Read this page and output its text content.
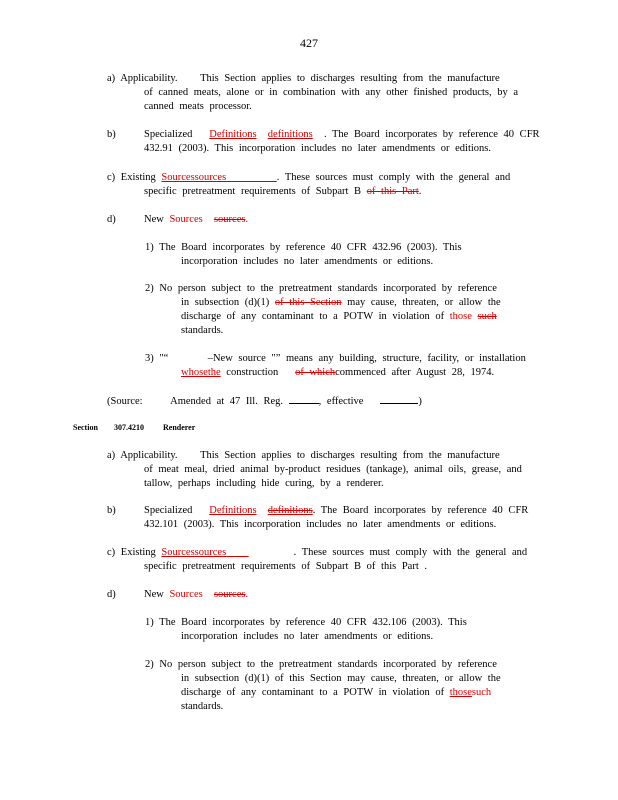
427
a) Applicability. This Section applies to discharges resulting from the manufacture
of canned meats, alone or in combination with any other finished products, by a
canned meats processor.
b)	Specialized Definitions definitions . The Board incorporates by reference 40 CFR
432.91 (2003). This incorporation includes no later amendments or editions.
c) Existing Sourcessources	. These sources must comply with the general and
specific pretreatment requirements of Subpart B of this Part.
d)	New Sources sources.
1) The Board incorporates by reference 40 CFR 432.96 (2003). This
incorporation includes no later amendments or editions.
2) No person subject to the pretreatment standards incorporated by reference
in subsection (d)(1) of this Section may cause, threaten, or allow the
discharge of any contaminant to a POTW in violation of those such
standards.
3) "“	–New source "” means any building, structure, facility, or installation
whosethe construction of whichcommenced after August 28, 1974.
(Source:	Amended at 47 Ill. Reg.	, effective	)
Section 307.4210 Renderer
a) Applicability. This Section applies to discharges resulting from the manufacture
of meat meal, dried animal by-product residues (tankage), animal oils, grease, and
tallow, perhaps including hide curing, by a renderer.
b)	Specialized Definitions definitions. The Board incorporates by reference 40 CFR
432.101 (2003). This incorporation includes no later amendments or editions.
c) Existing Sourcessources	. These sources must comply with the general and
specific pretreatment requirements of Subpart B of this Part .
d)	New Sources sources.
1) The Board incorporates by reference 40 CFR 432.106 (2003). This
incorporation includes no later amendments or editions.
2) No person subject to the pretreatment standards incorporated by reference
in subsection (d)(1) of this Section may cause, threaten, or allow the
discharge of any contaminant to a POTW in violation of thosesuch
standards.
